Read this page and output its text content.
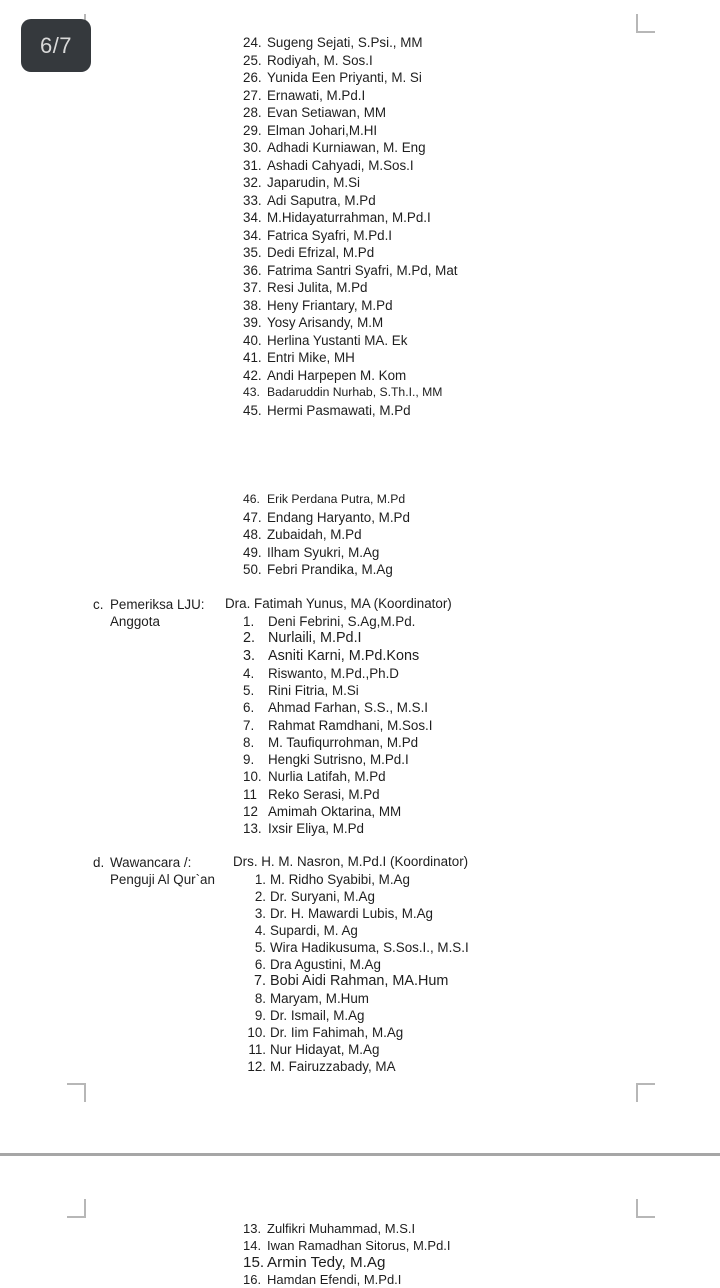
6/7	24. Sugeng Sejati, S.Psi., MM
25. Rodiyah, M. Sos.I
26. Yunida Een Priyanti, M. Si
27. Ernawati, M.Pd.I
28. Evan Setiawan, MM
29. Elman Johari,M.HI
30. Adhadi Kurniawan, M. Eng
31. Ashadi Cahyadi, M.Sos.I
32. Japarudin, M.Si
33. Adi Saputra, M.Pd
34. M.Hidayaturrahman, M.Pd.I
34. Fatrica Syafri, M.Pd.I
35. Dedi Efrizal, M.Pd
36. Fatrima Santri Syafri, M.Pd, Mat
37. Resi Julita, M.Pd
38. Heny Friantary, M.Pd
39. Yosy Arisandy, M.M
40. Herlina Yustanti MA. Ek
41. Entri Mike, MH
42. Andi Harpepen M. Kom
43. Badaruddin Nurhab, S.Th.I., MM
45. Hermi Pasmawati, M.Pd
46. Erik Perdana Putra, M.Pd
47. Endang Haryanto, M.Pd
48. Zubaidah, M.Pd
49. Ilham Syukri, M.Ag
50. Febri Prandika, M.Ag
c. Pemeriksa LJU:
Anggota
Dra. Fatimah Yunus, MA (Koordinator)
1. Deni Febrini, S.Ag,M.Pd.
2. Nurlaili, M.Pd.I
3. Asniti Karni, M.Pd.Kons
4. Riswanto, M.Pd.,Ph.D
5. Rini Fitria, M.Si
6. Ahmad Farhan, S.S., M.S.I
7. Rahmat Ramdhani, M.Sos.I
8. M. Taufiqurrohman, M.Pd
9. Hengki Sutrisno, M.Pd.I
10. Nurlia Latifah, M.Pd
11 Reko Serasi, M.Pd
12 Amimah Oktarina, MM
13. Ixsir Eliya, M.Pd
d. Wawancara /:
Penguji Al Qur`an
Drs. H. M. Nasron, M.Pd.I (Koordinator)
1. M. Ridho Syabibi, M.Ag
2. Dr. Suryani, M.Ag
3. Dr. H. Mawardi Lubis, M.Ag
4. Supardi, M. Ag
5. Wira Hadikusuma, S.Sos.I., M.S.I
6. Dra Agustini, M.Ag
7. Bobi Aidi Rahman, MA.Hum
8. Maryam, M.Hum
9. Dr. Ismail, M.Ag
10. Dr. Iim Fahimah, M.Ag
11. Nur Hidayat, M.Ag
12. M. Fairuzzabady, MA
13. Zulfikri Muhammad, M.S.I
14. Iwan Ramadhan Sitorus, M.Pd.I
15. Armin Tedy, M.Ag
16. Hamdan Efendi, M.Pd.I
